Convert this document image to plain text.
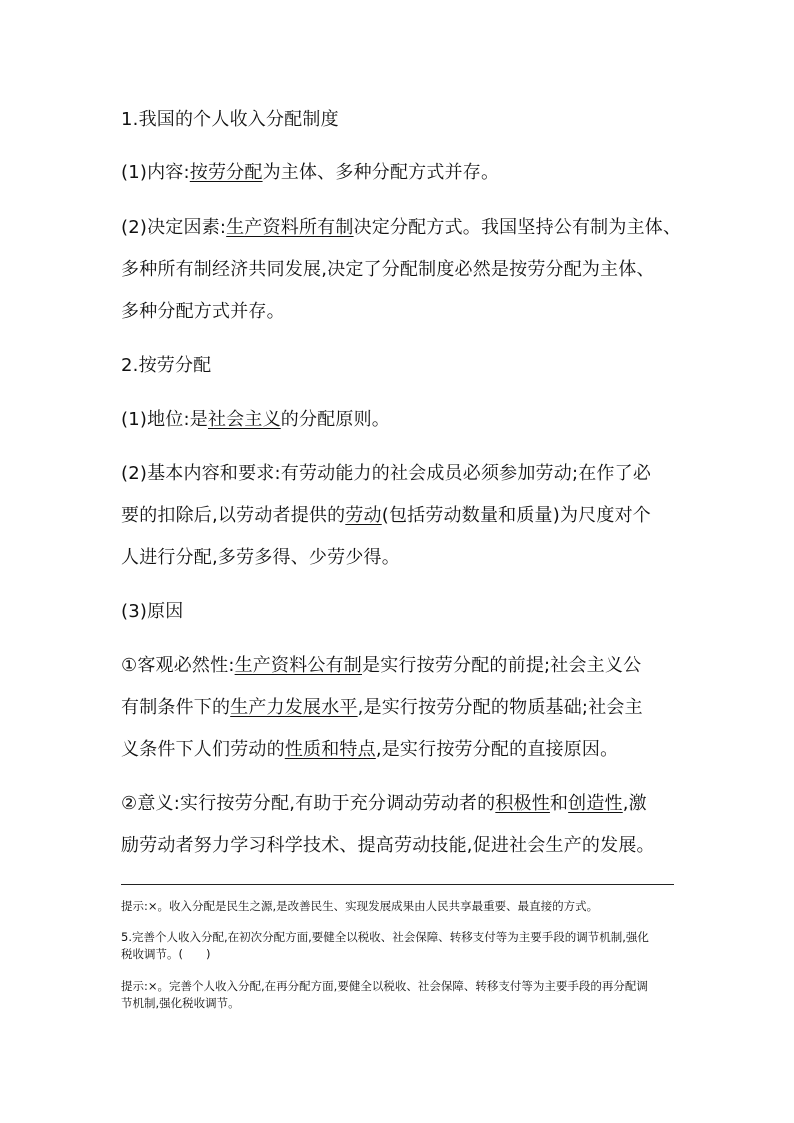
1.我国的个人收入分配制度
(1)内容:按劳分配为主体、多种分配方式并存。
(2)决定因素:生产资料所有制决定分配方式。我国坚持公有制为主体、
多种所有制经济共同发展,决定了分配制度必然是按劳分配为主体、
多种分配方式并存。
2.按劳分配
(1)地位:是社会主义的分配原则。
(2)基本内容和要求:有劳动能力的社会成员必须参加劳动;在作了必
要的扣除后,以劳动者提供的劳动(包括劳动数量和质量)为尺度对个
人进行分配,多劳多得、少劳少得。
(3)原因
①客观必然性:生产资料公有制是实行按劳分配的前提;社会主义公
有制条件下的生产力发展水平,是实行按劳分配的物质基础;社会主
义条件下人们劳动的性质和特点,是实行按劳分配的直接原因。
②意义:实行按劳分配,有助于充分调动劳动者的积极性和创造性,激
励劳动者努力学习科学技术、提高劳动技能,促进社会生产的发展。
提示:×。收入分配是民生之源,是改善民生、实现发展成果由人民共享最重要、最直接的方式。
5.完善个人收入分配,在初次分配方面,要健全以税收、社会保障、转移支付等为主要手段的调节机制,强化
税收调节。(　　)
提示:×。完善个人收入分配,在再分配方面,要健全以税收、社会保障、转移支付等为主要手段的再分配调
节机制,强化税收调节。
